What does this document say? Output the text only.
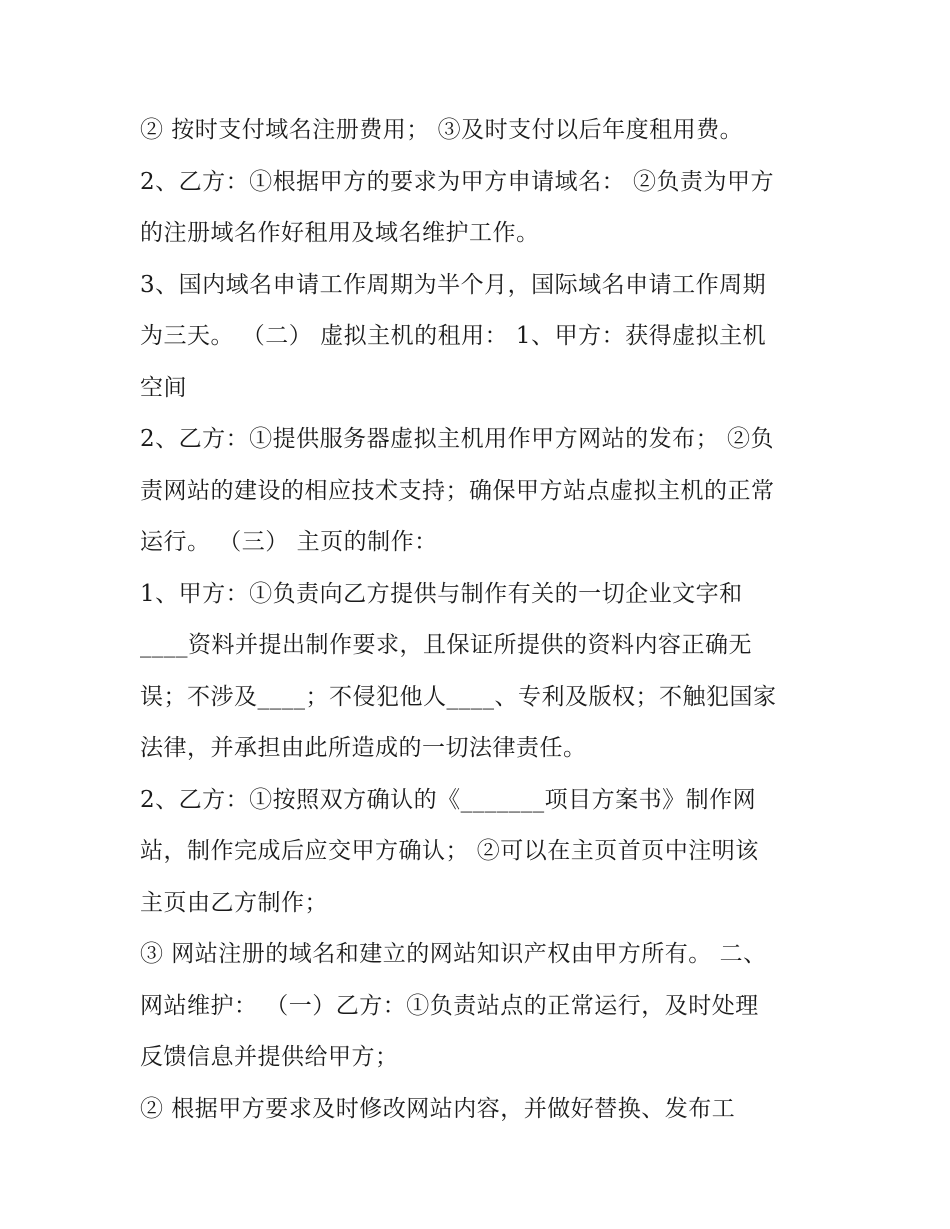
② 按时支付域名注册费用； ③及时支付以后年度租用费。
2、乙方：①根据甲方的要求为甲方申请域名： ②负责为甲方
的注册域名作好租用及域名维护工作。
3、国内域名申请工作周期为半个月，国际域名申请工作周期
为三天。 （二） 虚拟主机的租用： 1、甲方：获得虚拟主机
空间
2、乙方：①提供服务器虚拟主机用作甲方网站的发布； ②负
责网站的建设的相应技术支持；确保甲方站点虚拟主机的正常
运行。 （三） 主页的制作：
1、甲方：①负责向乙方提供与制作有关的一切企业文字和
____资料并提出制作要求，且保证所提供的资料内容正确无
误；不涉及____；不侵犯他人____、专利及版权；不触犯国家
法律，并承担由此所造成的一切法律责任。
2、乙方：①按照双方确认的《_______项目方案书》制作网
站，制作完成后应交甲方确认； ②可以在主页首页中注明该
主页由乙方制作；
③ 网站注册的域名和建立的网站知识产权由甲方所有。 二、
网站维护： （一）乙方：①负责站点的正常运行，及时处理
反馈信息并提供给甲方；
② 根据甲方要求及时修改网站内容，并做好替换、发布工
